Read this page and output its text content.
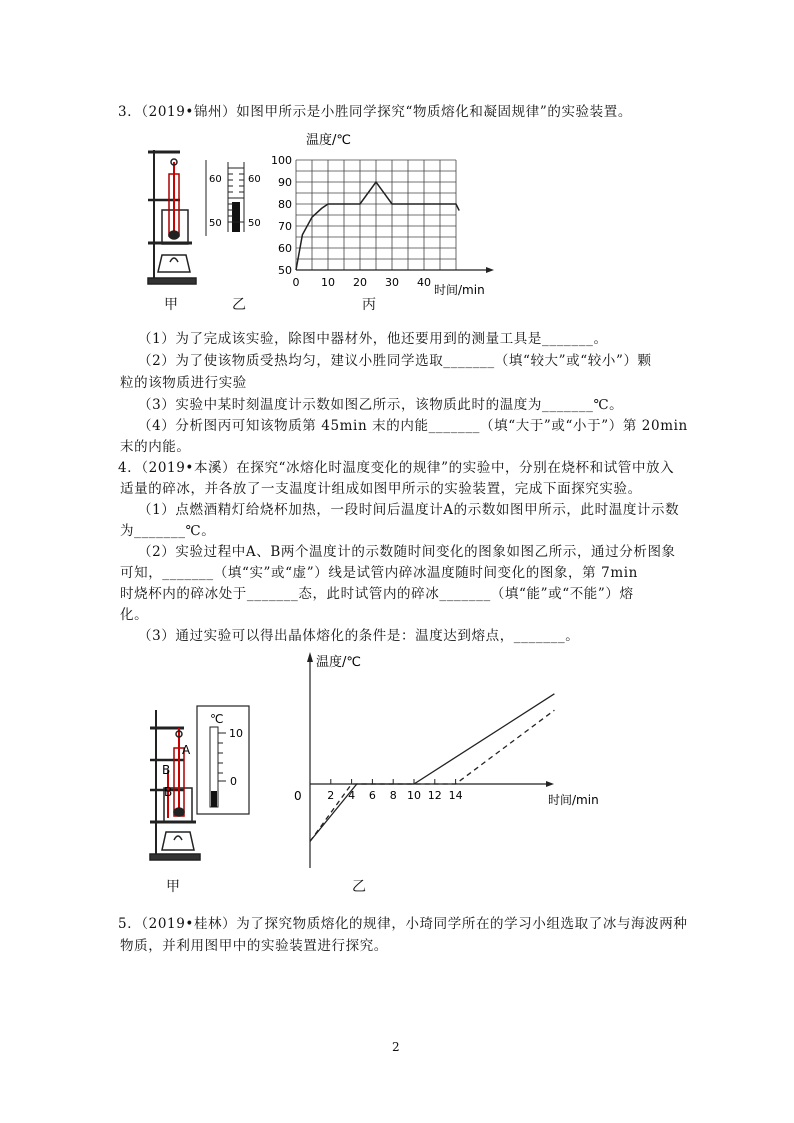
3．（2019•锦州）如图甲所示是小胜同学探究“物质熔化和凝固规律”的实验装置。
60
50
60
50
温度/℃
时间/min
100
90
80
70
60
50
0 10 20 30 40
甲	乙	丙
（1）为了完成该实验，除图中器材外，他还要用到的测量工具是_______。
（2）为了使该物质受热均匀，建议小胜同学选取_______（填“较大”或“较小”）颗
粒的该物质进行实验
（3）实验中某时刻温度计示数如图乙所示，该物质此时的温度为_______℃。
（4）分析图丙可知该物质第 45min 末的内能_______（填“大于”或“小于”）第 20min
末的内能。
4．（2019•本溪）在探究“冰熔化时温度变化的规律”的实验中，分别在烧杯和试管中放入
适量的碎冰，并各放了一支温度计组成如图甲所示的实验装置，完成下面探究实验。
（1）点燃酒精灯给烧杯加热，一段时间后温度计A的示数如图甲所示，此时温度计示数
为_______℃。
（2）实验过程中A、B两个温度计的示数随时间变化的图象如图乙所示，通过分析图象
可知，_______（填“实”或“虚”）线是试管内碎冰温度随时间变化的图象，第 7min
时烧杯内的碎冰处于_______态，此时试管内的碎冰_______（填“能”或“不能”）熔
化。
（3）通过实验可以得出晶体熔化的条件是：温度达到熔点，_______。
A
B
B
℃
10
0
温度/℃
0	时间/min
2 4 6 8 10 12 14
甲	乙
5．（2019•桂林）为了探究物质熔化的规律，小琦同学所在的学习小组选取了冰与海波两种
物质，并利用图甲中的实验装置进行探究。
2
